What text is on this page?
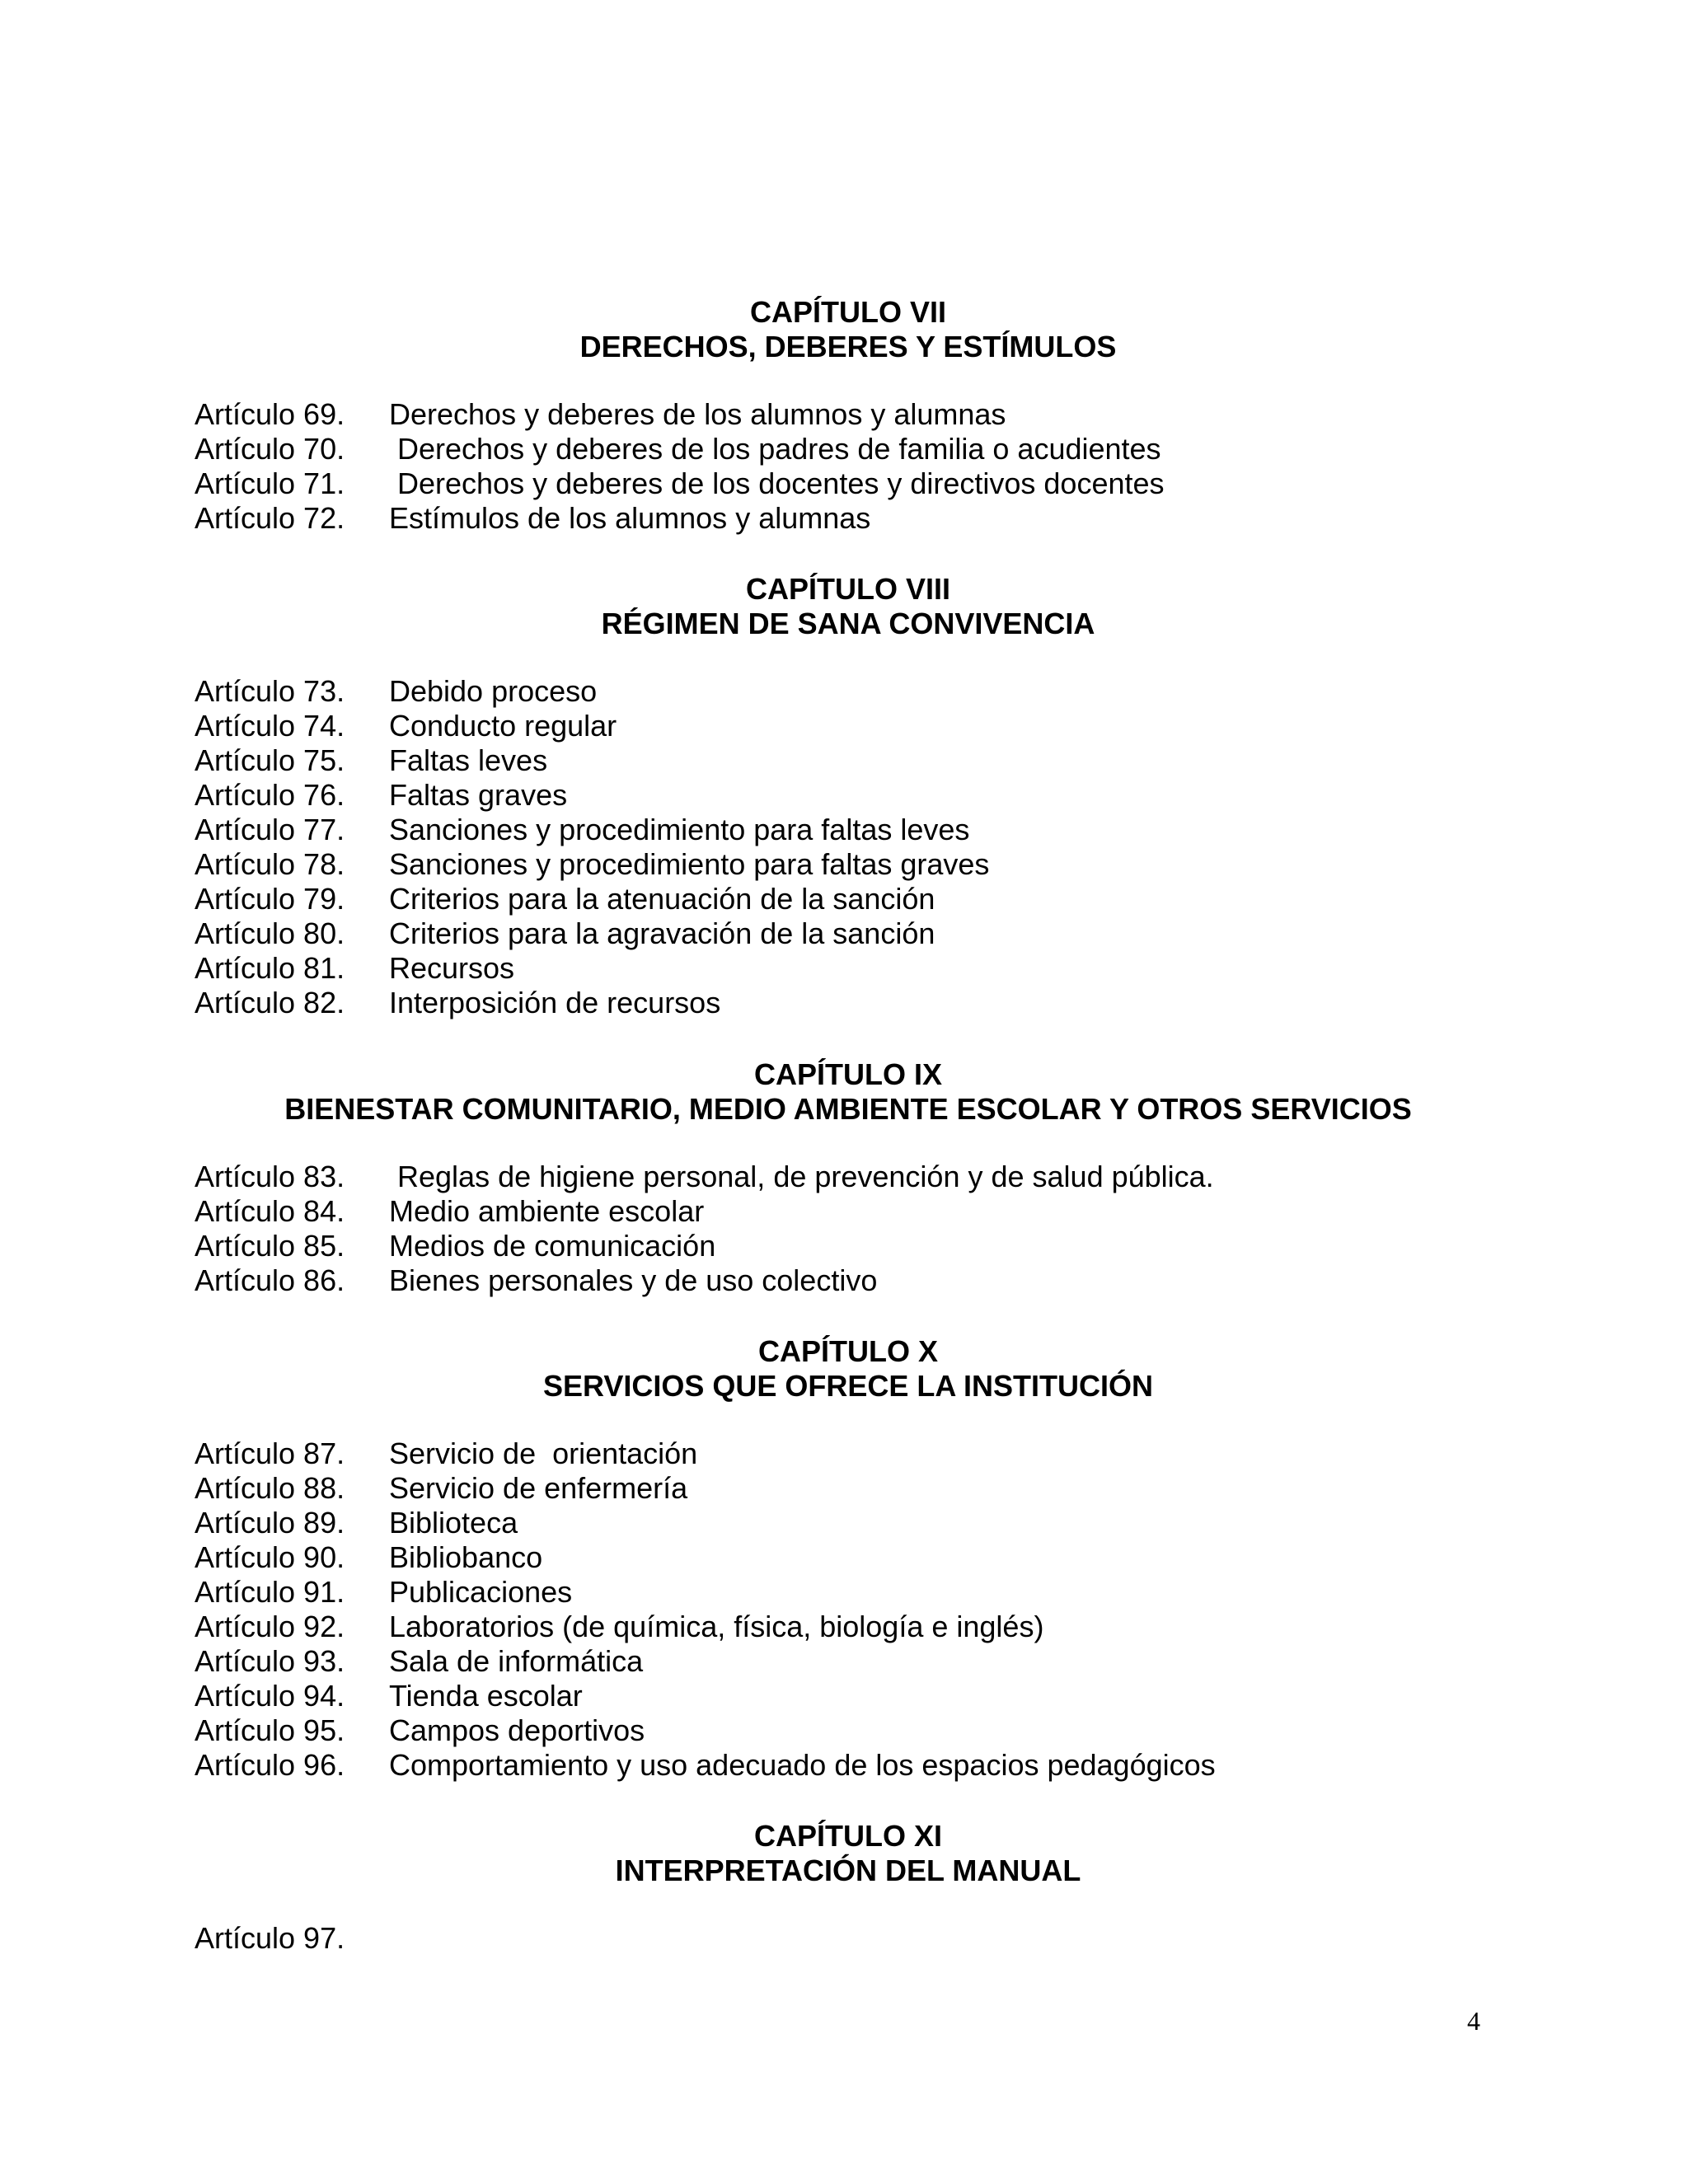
CAPÍTULO VII
DERECHOS, DEBERES Y ESTÍMULOS
Artículo 69.	Derechos y deberes de los alumnos y alumnas
Artículo 70.	Derechos y deberes de los padres de familia o acudientes
Artículo 71.	Derechos y deberes de los docentes y directivos docentes
Artículo 72.	Estímulos de los alumnos y alumnas
CAPÍTULO VIII
RÉGIMEN DE SANA CONVIVENCIA
Artículo 73.	Debido proceso
Artículo 74.	Conducto regular
Artículo 75.	Faltas leves
Artículo 76.	Faltas graves
Artículo 77.	Sanciones y procedimiento para faltas leves
Artículo 78.	Sanciones y procedimiento para faltas graves
Artículo 79.	Criterios para la atenuación de la sanción
Artículo 80.	Criterios para la agravación de la sanción
Artículo 81.	Recursos
Artículo 82.	Interposición de recursos
CAPÍTULO IX
BIENESTAR COMUNITARIO, MEDIO AMBIENTE ESCOLAR Y OTROS SERVICIOS
Artículo 83.	Reglas de higiene personal, de prevención y de salud pública.
Artículo 84.	Medio ambiente escolar
Artículo 85.	Medios de comunicación
Artículo 86.	Bienes personales y de uso colectivo
CAPÍTULO X
SERVICIOS QUE OFRECE LA INSTITUCIÓN
Artículo 87.	Servicio de  orientación
Artículo 88.	Servicio de enfermería
Artículo 89.	Biblioteca
Artículo 90.	Bibliobanco
Artículo 91.	Publicaciones
Artículo 92.	Laboratorios (de química, física, biología e inglés)
Artículo 93.	Sala de informática
Artículo 94.	Tienda escolar
Artículo 95.	Campos deportivos
Artículo 96.	Comportamiento y uso adecuado de los espacios pedagógicos
CAPÍTULO XI
INTERPRETACIÓN DEL MANUAL
Artículo 97.
4
